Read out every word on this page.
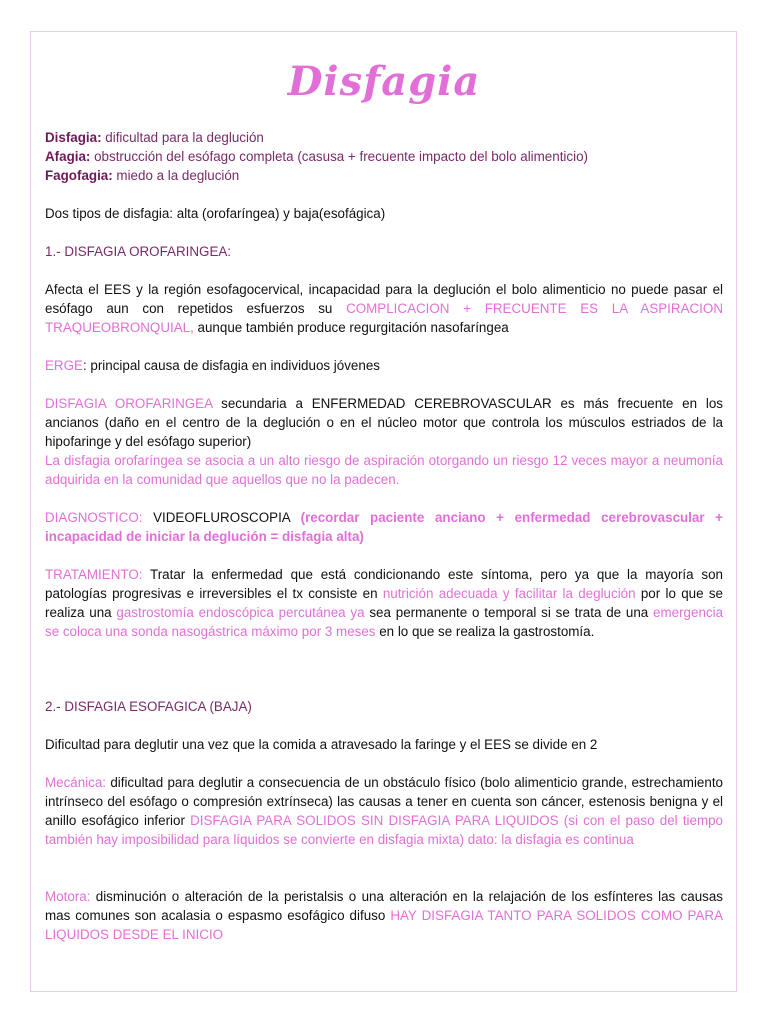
Disfagia

Disfagia: dificultad para la deglución
Afagia: obstrucción del esófago completa (casusa + frecuente impacto del bolo alimenticio)
Fagofagia: miedo a la deglución

Dos tipos de disfagia: alta (orofaríngea) y baja(esofágica)

1.- DISFAGIA OROFARINGEA:

Afecta el EES y la región esofagocervical, incapacidad para la deglución el bolo alimenticio no puede pasar el esófago aun con repetidos esfuerzos su COMPLICACION + FRECUENTE ES LA ASPIRACION TRAQUEOBRONQUIAL, aunque también produce regurgitación nasofaríngea

ERGE: principal causa de disfagia en individuos jóvenes

DISFAGIA OROFARINGEA secundaria a ENFERMEDAD CEREBROVASCULAR es más frecuente en los ancianos (daño en el centro de la deglución o en el núcleo motor que controla los músculos estriados de la hipofaringe y del esófago superior)
La disfagia orofaríngea se asocia a un alto riesgo de aspiración otorgando un riesgo 12 veces mayor a neumonía adquirida en la comunidad que aquellos que no la padecen.

DIAGNOSTICO: VIDEOFLUROSCOPIA (recordar paciente anciano + enfermedad cerebrovascular + incapacidad de iniciar la deglución = disfagia alta)

TRATAMIENTO: Tratar la enfermedad que está condicionando este síntoma, pero ya que la mayoría son patologías progresivas e irreversibles el tx consiste en nutrición adecuada y facilitar la deglución por lo que se realiza una gastrostomía endoscópica percutánea ya sea permanente o temporal si se trata de una emergencia se coloca una sonda nasogástrica máximo por 3 meses en lo que se realiza la gastrostomía.

2.- DISFAGIA ESOFAGICA (BAJA)

Dificultad para deglutir una vez que la comida a atravesado la faringe y el EES se divide en 2

Mecánica: dificultad para deglutir a consecuencia de un obstáculo físico (bolo alimenticio grande, estrechamiento intrínseco del esófago o compresión extrínseca) las causas a tener en cuenta son cáncer, estenosis benigna y el anillo esofágico inferior DISFAGIA PARA SOLIDOS SIN DISFAGIA PARA LIQUIDOS (si con el paso del tiempo también hay imposibilidad para líquidos se convierte en disfagia mixta) dato: la disfagia es continua

Motora: disminución o alteración de la peristalsis o una alteración en la relajación de los esfínteres las causas mas comunes son acalasia o espasmo esofágico difuso HAY DISFAGIA TANTO PARA SOLIDOS COMO PARA LIQUIDOS DESDE EL INICIO
